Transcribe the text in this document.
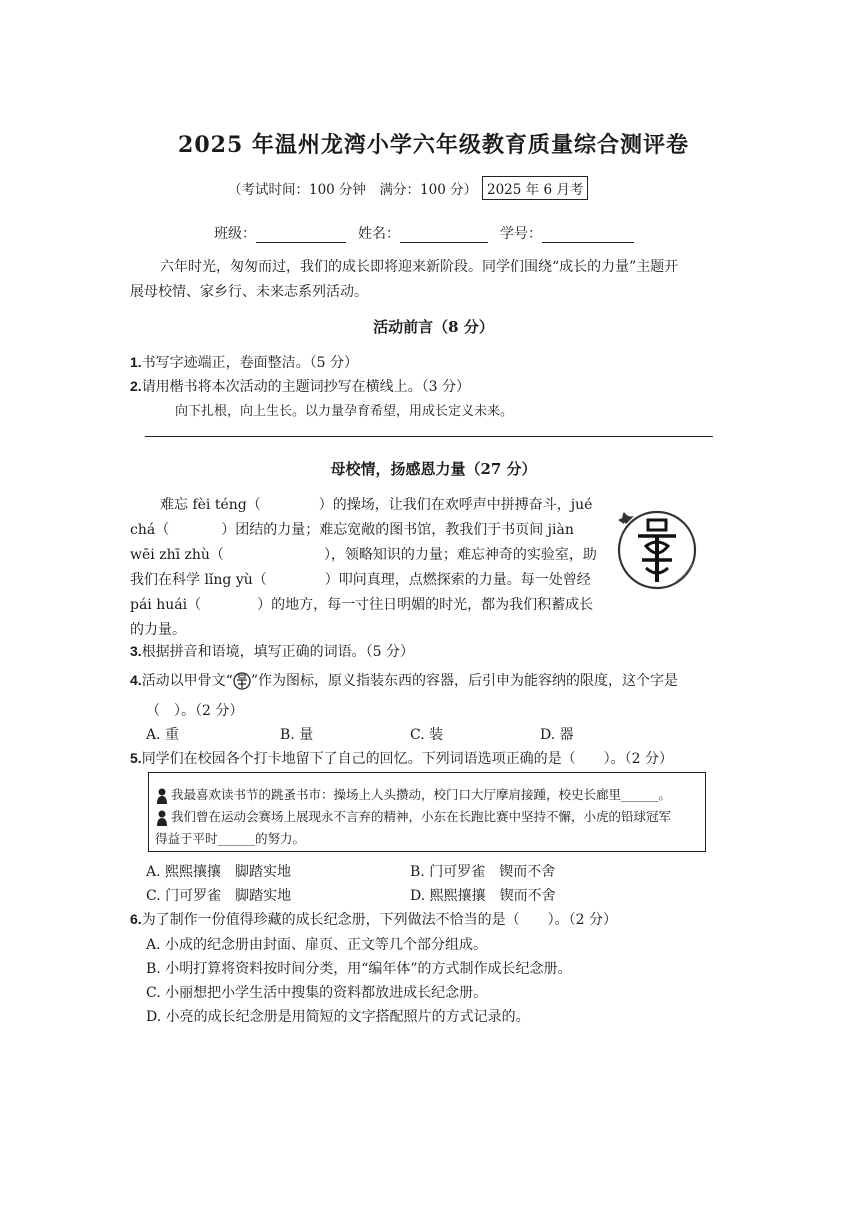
2025 年温州龙湾小学六年级教育质量综合测评卷
（考试时间：100 分钟　满分：100 分） 2025 年 6 月考
班级：	姓名：	学号：
六年时光，匆匆而过，我们的成长即将迎来新阶段。同学们围绕“成长的力量”主题开
展母校情、家乡行、未来志系列活动。
活动前言（8 分）
1.书写字迹端正，卷面整洁。（5 分）
2.请用楷书将本次活动的主题词抄写在横线上。（3 分）
向下扎根，向上生长。以力量孕育希望，用成长定义未来。
母校情，扬感恩力量（27 分）
难忘 fèi téng（	）的操场，让我们在欢呼声中拼搏奋斗，jué
chá（	）团结的力量；难忘宽敞的图书馆，教我们于书页间 jiàn
wēi zhī zhù（	），领略知识的力量；难忘神奇的实验室，助
我们在科学 lǐng yù（	）叩问真理，点燃探索的力量。每一处曾经
pái huái（	）的地方，每一寸往日明媚的时光，都为我们积蓄成长
的力量。
3.根据拼音和语境，填写正确的词语。（5 分）
4.活动以甲骨文“ ”作为图标，原义指装东西的容器，后引申为能容纳的限度，这个字是
（　）。（2 分）
A. 重	B. 量	C. 装	D. 器
5.同学们在校园各个打卡地留下了自己的回忆。下列词语选项正确的是（　　）。（2 分）
我最喜欢读书节的跳蚤书市：操场上人头攒动，校门口大厅摩肩接踵，校史长廊里______。
我们曾在运动会赛场上展现永不言弃的精神，小东在长跑比赛中坚持不懈，小虎的铅球冠军
得益于平时______的努力。
A. 熙熙攘攘　脚踏实地	B. 门可罗雀　锲而不舍
C. 门可罗雀　脚踏实地	D. 熙熙攘攘　锲而不舍
6.为了制作一份值得珍藏的成长纪念册，下列做法不恰当的是（　　）。（2 分）
A. 小成的纪念册由封面、扉页、正文等几个部分组成。
B. 小明打算将资料按时间分类，用“编年体”的方式制作成长纪念册。
C. 小丽想把小学生活中搜集的资料都放进成长纪念册。
D. 小亮的成长纪念册是用简短的文字搭配照片的方式记录的。
